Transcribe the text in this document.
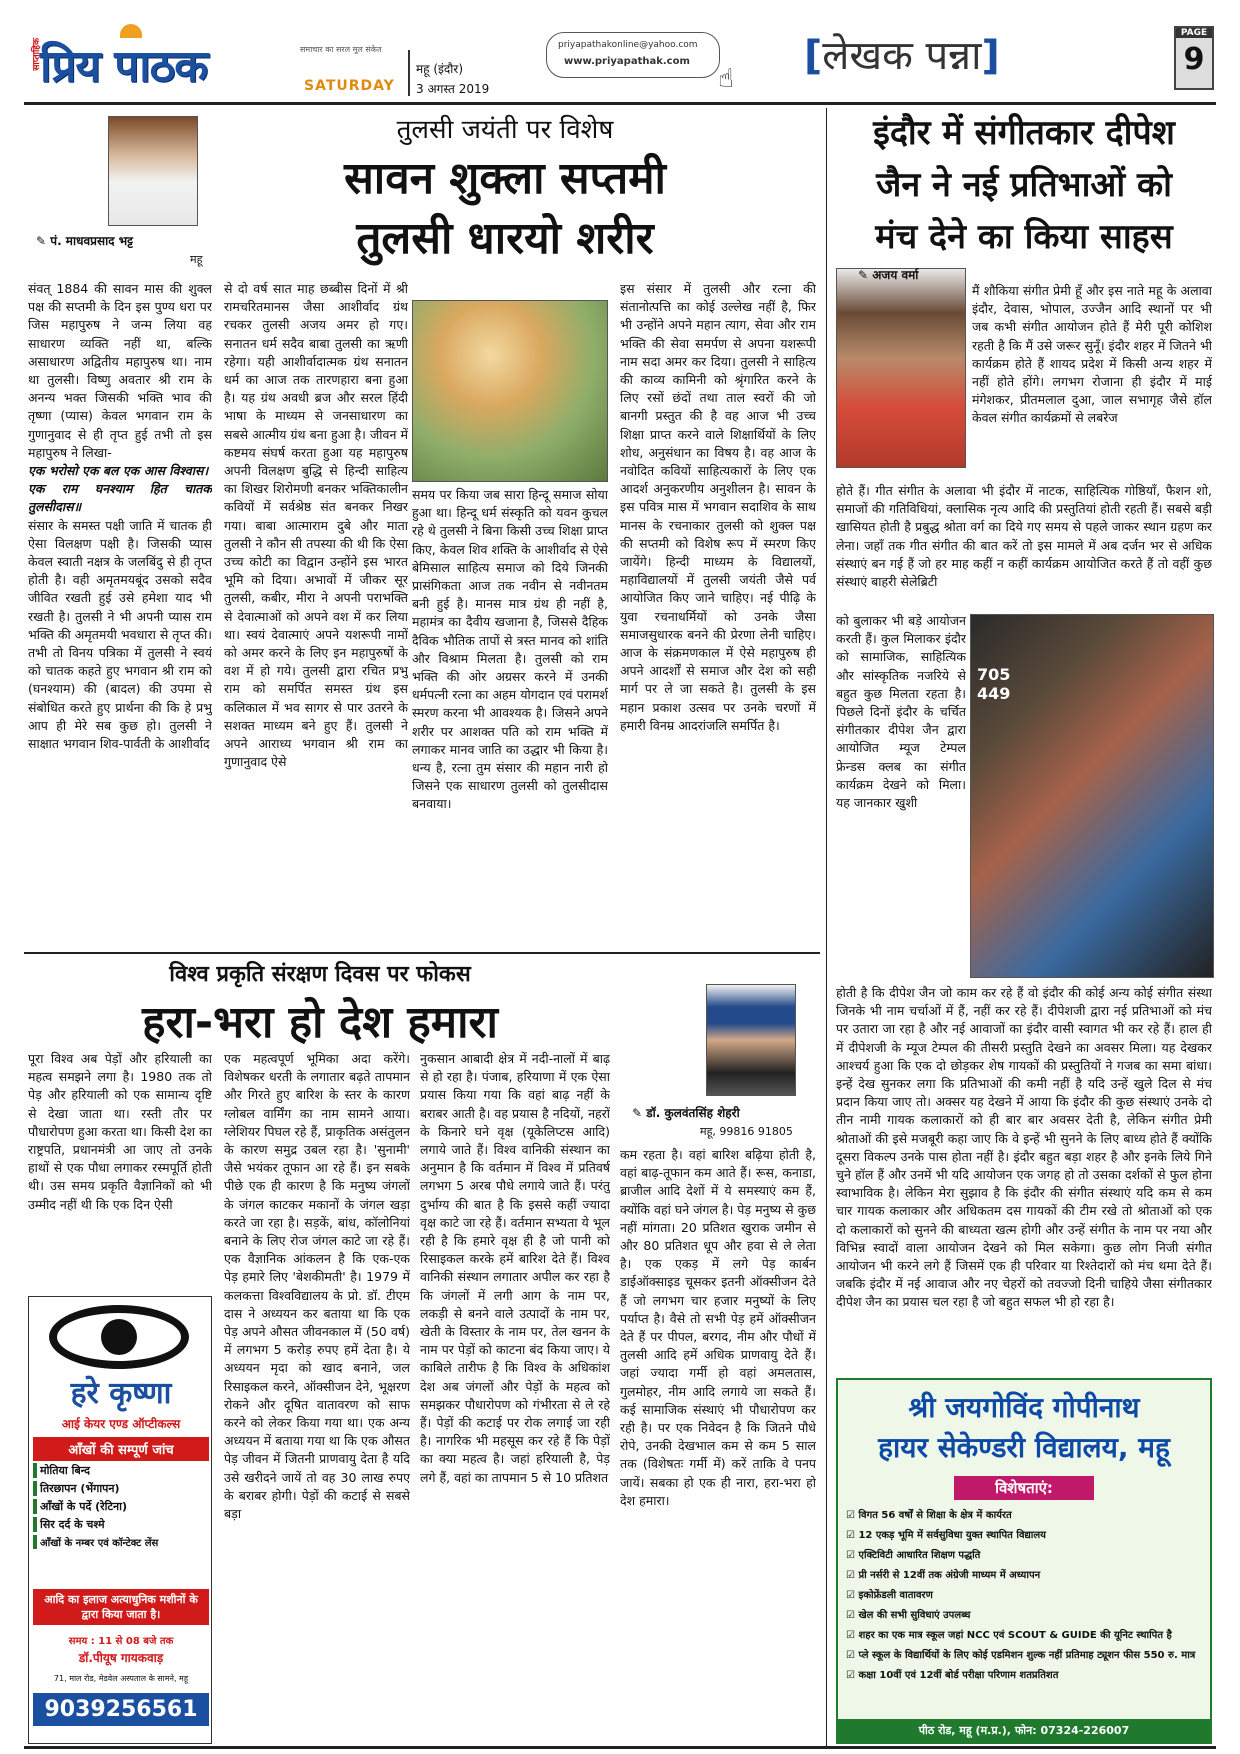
साप्ताहिक
प्रिय पाठक	समाचार का सरल मूल संकेत
SATURDAY
महू (इंदौर)
3 अगस्त 2019
priyapathakonline@yahoo.com
www.priyapathak.com
☝ [लेखक पन्ना]	PAGE
9
✎ पं. माधवप्रसाद भट्ट
महू
तुलसी जयंती पर विशेष
सावन शुक्ला सप्तमी
तुलसी धारयो शरीर

संवत् 1884 की सावन मास की शुक्ल पक्ष की सप्तमी के दिन इस पुण्य धरा पर जिस महापुरुष ने जन्म लिया वह साधारण व्यक्ति नहीं था, बल्कि असाधारण अद्वितीय महापुरुष था। नाम था तुलसी। विष्णु अवतार श्री राम के अनन्य भक्त जिसकी भक्ति भाव की तृष्णा (प्यास) केवल भगवान राम के गुणानुवाद से ही तृप्त हुई तभी तो इस महापुरुष ने लिखा-

एक भरोसो एक बल एक आस विश्वास।

एक राम घनश्याम हित चातक तुलसीदास॥

संसार के समस्त पक्षी जाति में चातक ही ऐसा विलक्षण पक्षी है। जिसकी प्यास केवल स्वाती नक्षत्र के जलबिंदु से ही तृप्त होती है। वही अमृतमयबूंद उसको सदैव जीवित रखती हुई उसे हमेशा याद भी रखती है। तुलसी ने भी अपनी प्यास राम भक्ति की अमृतमयी भवधारा से तृप्त की। तभी तो विनय पत्रिका में तुलसी ने स्वयं को चातक कहते हुए भगवान श्री राम को (घनश्याम) की (बादल) की उपमा से संबोधित करते हुए प्रार्थना की कि हे प्रभु आप ही मेरे सब कुछ हो। तुलसी ने साक्षात भगवान शिव-पार्वती के आशीर्वाद

से दो वर्ष सात माह छब्बीस दिनों में श्री रामचरितमानस जैसा आशीर्वाद ग्रंथ रचकर तुलसी अजय अमर हो गए। सनातन धर्म सदैव बाबा तुलसी का ऋणी रहेगा। यही आशीर्वादात्मक ग्रंथ सनातन धर्म का आज तक तारणहारा बना हुआ है। यह ग्रंथ अवधी ब्रज और सरल हिंदी भाषा के माध्यम से जनसाधारण का सबसे आत्मीय ग्रंथ बना हुआ है। जीवन में कष्टमय संघर्ष करता हुआ यह महापुरुष अपनी विलक्षण बुद्धि से हिन्दी साहित्य का शिखर शिरोमणी बनकर भक्तिकालीन कवियों में सर्वश्रेष्ठ संत बनकर निखर गया। बाबा आत्माराम दुबे और माता तुलसी ने कौन सी तपस्या की थी कि ऐसा उच्च कोटी का विद्वान उन्होंने इस भारत भूमि को दिया। अभावों में जीकर सूर तुलसी, कबीर, मीरा ने अपनी पराभक्ति से देवात्माओं को अपने वश में कर लिया था। स्वयं देवात्माएं अपने यशरूपी नामों को अमर करने के लिए इन महापुरुषों के वश में हो गये। तुलसी द्वारा रचित प्रभु राम को समर्पित समस्त ग्रंथ इस कलिकाल में भव सागर से पार उतरने के सशक्त माध्यम बने हुए हैं। तुलसी ने अपने आराध्य भगवान श्री राम का गुणानुवाद ऐसे
समय पर किया जब सारा हिन्दू समाज सोया हुआ था। हिन्दू धर्म संस्कृति को यवन कुचल रहे थे तुलसी ने बिना किसी उच्च शिक्षा प्राप्त किए, केवल शिव शक्ति के आशीर्वाद से ऐसे बेमिसाल साहित्य समाज को दिये जिनकी प्रासंगिकता आज तक नवीन से नवीनतम बनी हुई है। मानस मात्र ग्रंथ ही नहीं है, महामंत्र का दैवीय खजाना है, जिससे दैहिक दैविक भौतिक तापों से त्रस्त मानव को शांति और विश्राम मिलता है। तुलसी को राम भक्ति की ओर अग्रसर करने में उनकी धर्मपत्नी रत्ना का अहम योगदान एवं परामर्श स्मरण करना भी आवश्यक है। जिसने अपने शरीर पर आशक्त पति को राम भक्ति में लगाकर मानव जाति का उद्धार भी किया है। धन्य है, रत्ना तुम संसार की महान नारी हो जिसने एक साधारण तुलसी को तुलसीदास बनवाया।
इस संसार में तुलसी और रत्ना की संतानोत्पत्ति का कोई उल्लेख नहीं है, फिर भी उन्होंने अपने महान त्याग, सेवा और राम भक्ति की सेवा समर्पण से अपना यशरूपी नाम सदा अमर कर दिया। तुलसी ने साहित्य की काव्य कामिनी को श्रृंगारित करने के लिए रसों छंदों तथा ताल स्वरों की जो बानगी प्रस्तुत की है वह आज भी उच्च शिक्षा प्राप्त करने वाले शिक्षार्थियों के लिए शोध, अनुसंधान का विषय है। वह आज के नवोदित कवियों साहित्यकारों के लिए एक आदर्श अनुकरणीय अनुशीलन है। सावन के इस पवित्र मास में भगवान सदाशिव के साथ मानस के रचनाकार तुलसी को शुक्ल पक्ष की सप्तमी को विशेष रूप में स्मरण किए जायेंगे। हिन्दी माध्यम के विद्यालयों, महाविद्यालयों में तुलसी जयंती जैसे पर्व आयोजित किए जाने चाहिए। नई पीढ़ि के युवा रचनाधर्मियों को उनके जैसा समाजसुधारक बनने की प्रेरणा लेनी चाहिए। आज के संक्रमणकाल में ऐसे महापुरुष ही अपने आदर्शों से समाज और देश को सही मार्ग पर ले जा सकते है। तुलसी के इस महान प्रकाश उत्सव पर उनके चरणों में हमारी विनम्र आदरांजलि समर्पित है।
इंदौर में संगीतकार दीपेश
जैन ने नई प्रतिभाओं को
मंच देने का किया साहस
✎ अजय वर्मा
मैं शौकिया संगीत प्रेमी हूँ और इस नाते महू के अलावा इंदौर, देवास, भोपाल, उज्जैन आदि स्थानों पर भी जब कभी संगीत आयोजन होते हैं मेरी पूरी कोशिश रहती है कि मैं उसे जरूर सुनूँ। इंदौर शहर में जितने भी कार्यक्रम होते हैं शायद प्रदेश में किसी अन्य शहर में नहीं होते होंगे। लगभग रोजाना ही इंदौर में माई मंगेशकर, प्रीतमलाल दुआ, जाल सभागृह जैसे हॉल केवल संगीत कार्यक्रमों से लबरेज
होते हैं। गीत संगीत के अलावा भी इंदौर में नाटक, साहित्यिक गोष्ठियाँ, फैशन शो, समाजों की गतिविधियां, क्लासिक नृत्य आदि की प्रस्तुतियां होती रहती हैं। सबसे बड़ी खासियत होती है प्रबुद्ध श्रोता वर्ग का दिये गए समय से पहले जाकर स्थान ग्रहण कर लेना। जहाँ तक गीत संगीत की बात करें तो इस मामले में अब दर्जन भर से अधिक संस्थाएं बन गई हैं जो हर माह कहीं न कहीं कार्यक्रम आयोजित करते हैं तो वहीं कुछ संस्थाएं बाहरी सेलेब्रिटी
को बुलाकर भी बड़े आयोजन करती हैं। कुल मिलाकर इंदौर को सामाजिक, साहित्यिक और सांस्कृतिक नजरिये से बहुत कुछ मिलता रहता है। पिछले दिनों इंदौर के चर्चित संगीतकार दीपेश जैन द्वारा आयोजित म्यूज टेम्पल फ्रेन्डस क्लब का संगीत कार्यक्रम देखने को मिला। यह जानकार खुशी
705 449
होती है कि दीपेश जैन जो काम कर रहे हैं वो इंदौर की कोई अन्य कोई संगीत संस्था जिनके भी नाम चर्चाओं में हैं, नहीं कर रहे हैं। दीपेशजी द्वारा नई प्रतिभाओं को मंच पर उतारा जा रहा है और नई आवाजों का इंदौर वासी स्वागत भी कर रहे हैं। हाल ही में दीपेशजी के म्यूज टेम्पल की तीसरी प्रस्तुति देखने का अवसर मिला। यह देखकर आश्चर्य हुआ कि एक दो छोड़कर शेष गायकों की प्रस्तुतियों ने गजब का समा बांधा। इन्हें देख सुनकर लगा कि प्रतिभाओं की कमी नहीं है यदि उन्हें खुले दिल से मंच प्रदान किया जाए तो। अक्सर यह देखने में आया कि इंदौर की कुछ संस्थाएं उनके दो तीन नामी गायक कलाकारों को ही बार बार अवसर देती है, लेकिन संगीत प्रेमी श्रोताओं की इसे मजबूरी कहा जाए कि वे इन्हें भी सुनने के लिए बाध्य होते हैं क्योंकि दूसरा विकल्प उनके पास होता नहीं है। इंदौर बहुत बड़ा शहर है और इनके लिये गिने चुने हॉल हैं और उनमें भी यदि आयोजन एक जगह हो तो उसका दर्शकों से फुल होना स्वाभाविक है। लेकिन मेरा सुझाव है कि इंदौर की संगीत संस्थाएं यदि कम से कम चार गायक कलाकार और अधिकतम दस गायकों की टीम रखे तो श्रोताओं को एक दो कलाकारों को सुनने की बाध्यता खत्म होगी और उन्हें संगीत के नाम पर नया और विभिन्न स्वादों वाला आयोजन देखने को मिल सकेगा। कुछ लोग निजी संगीत आयोजन भी करने लगे हैं जिसमें एक ही परिवार या रिश्तेदारों को मंच थमा देते हैं। जबकि इंदौर में नई आवाज और नए चेहरों को तवज्जो दिनी चाहिये जैसा संगीतकार दीपेश जैन का प्रयास चल रहा है जो बहुत सफल भी हो रहा है।
विश्व प्रकृति संरक्षण दिवस पर फोकस
हरा-भरा हो देश हमारा
✎ डॉ. कुलवंतसिंह शेहरी
महू, 99816 91805
पूरा विश्व अब पेड़ों और हरियाली का महत्व समझने लगा है। 1980 तक तो पेड़ और हरियाली को एक सामान्य दृष्टि से देखा जाता था। रस्ती तौर पर पौधारोपण हुआ करता था। किसी देश का राष्ट्रपति, प्रधानमंत्री आ जाए तो उनके हाथों से एक पौधा लगाकर रस्मपूर्ति होती थी। उस समय प्रकृति वैज्ञानिकों को भी उम्मीद नहीं थी कि एक दिन ऐसी
एक महत्वपूर्ण भूमिका अदा करेंगे। विशेषकर धरती के लगातार बढ़ते तापमान और गिरते हुए बारिश के स्तर के कारण ग्लोबल वार्मिंग का नाम सामने आया। ग्लेशियर पिघल रहे हैं, प्राकृतिक असंतुलन के कारण समुद्र उबल रहा है। 'सुनामी' जैसे भयंकर तूफान आ रहे हैं। इन सबके पीछे एक ही कारण है कि मनुष्य जंगलों के जंगल काटकर मकानों के जंगल खड़ा करते जा रहा है। सड़कें, बांध, कॉलोनियां बनाने के लिए रोज जंगल काटे जा रहे हैं। एक वैज्ञानिक आंकलन है कि एक-एक पेड़ हमारे लिए 'बेशकीमती' है। 1979 में कलकत्ता विश्वविद्यालय के प्रो. डॉ. टीएम दास ने अध्ययन कर बताया था कि एक पेड़ अपने औसत जीवनकाल में (50 वर्ष) में लगभग 5 करोड़ रुपए हमें देता है। ये अध्ययन मृदा को खाद बनाने, जल रिसाइकल करने, ऑक्सीजन देने, भूक्षरण रोकने और दूषित वातावरण को साफ करने को लेकर किया गया था। एक अन्य अध्ययन में बताया गया था कि एक औसत पेड़ जीवन में जितनी प्राणवायु देता है यदि उसे खरीदने जायें तो वह 30 लाख रुपए के बराबर होगी। पेड़ों की कटाई से सबसे बड़ा
नुकसान आबादी क्षेत्र में नदी-नालों में बाढ़ से हो रहा है। पंजाब, हरियाणा में एक ऐसा प्रयास किया गया कि वहां बाढ़ नहीं के बराबर आती है। वह प्रयास है नदियों, नहरों के किनारे घने वृक्ष (यूकेलिप्टस आदि) लगाये जाते हैं। विश्व वानिकी संस्थान का अनुमान है कि वर्तमान में विश्व में प्रतिवर्ष लगभग 5 अरब पौधे लगाये जाते हैं। परंतु दुर्भाग्य की बात है कि इससे कहीं ज्यादा वृक्ष काटे जा रहे हैं। वर्तमान सभ्यता ये भूल रही है कि हमारे वृक्ष ही है जो पानी को रिसाइकल करके हमें बारिश देते हैं। विश्व वानिकी संस्थान लगातार अपील कर रहा है कि जंगलों में लगी आग के नाम पर, लकड़ी से बनने वाले उत्पादों के नाम पर, खेती के विस्तार के नाम पर, तेल खनन के नाम पर पेड़ों को काटना बंद किया जाए। ये काबिले तारीफ है कि विश्व के अधिकांश देश अब जंगलों और पेड़ों के महत्व को समझकर पौधारोपण को गंभीरता से ले रहे हैं। पेड़ों की कटाई पर रोक लगाई जा रही है। नागरिक भी महसूस कर रहे हैं कि पेड़ों का क्या महत्व है। जहां हरियाली है, पेड़ लगे हैं, वहां का तापमान 5 से 10 प्रतिशत
कम रहता है। वहां बारिश बढ़िया होती है, वहां बाढ़-तूफान कम आते हैं। रूस, कनाडा, ब्राजील आदि देशों में ये समस्याएं कम हैं, क्योंकि वहां घने जंगल है। पेड़ मनुष्य से कुछ नहीं मांगता। 20 प्रतिशत खुराक जमीन से और 80 प्रतिशत धूप और हवा से ले लेता है। एक एकड़ में लगे पेड़ कार्बन डाईऑक्साइड चूसकर इतनी ऑक्सीजन देते हैं जो लगभग चार हजार मनुष्यों के लिए पर्याप्त है। वैसे तो सभी पेड़ हमें ऑक्सीजन देते हैं पर पीपल, बरगद, नीम और पौधों में तुलसी आदि हमें अधिक प्राणवायु देते हैं। जहां ज्यादा गर्मी हो वहां अमलतास, गुलमोहर, नीम आदि लगाये जा सकते हैं। कई सामाजिक संस्थाएं भी पौधारोपण कर रही है। पर एक निवेदन है कि जितने पौधे रोपे, उनकी देखभाल कम से कम 5 साल तक (विशेषतः गर्मी में) करें ताकि वे पनप जायें। सबका हो एक ही नारा, हरा-भरा हो देश हमारा।
हरे कृष्णा
आई केयर एण्ड ऑप्टीकल्स
आँखों की सम्पूर्ण जांच
मोतिया बिन्द
तिरछापन (भेंगापन)
आँखों के पर्दे (रेटिना)
सिर दर्द के चश्मे
आँखों के नम्बर एवं कॉन्टेक्ट लेंस
आदि का इलाज अत्याधुनिक मशीनों के द्वारा किया जाता है।
समय : 11 से 08 बजे तक
डॉ.पीयूष गायकवाड़
71, माल रोड, मेडवेल अस्पताल के सामने, महू
9039256561
श्री जयगोविंद गोपीनाथ
हायर सेकेण्डरी विद्यालय, महू
विशेषताएं:
☑ विगत 56 वर्षों से शिक्षा के क्षेत्र में कार्यरत
☑ 12 एकड़ भूमि में सर्वसुविधा युक्त स्थापित विद्यालय
☑ एक्टिविटी आधारित शिक्षण पद्धति
☑ प्री नर्सरी से 12वीं तक अंग्रेजी माध्यम में अध्यापन
☑ इकोफ्रेंडली वातावरण
☑ खेल की सभी सुविधाएं उपलब्ध
☑ शहर का एक मात्र स्कूल जहां NCC एवं SCOUT & GUIDE की यूनिट स्थापित है
☑ प्ले स्कूल के विद्यार्थियों के लिए कोई एडमिशन शुल्क नहीं प्रतिमाह ट्यूशन फीस 550 रु. मात्र
☑ कक्षा 10वीं एवं 12वीं बोर्ड परीक्षा परिणाम शतप्रतिशत
पीठ रोड, महू (म.प्र.), फोन: 07324-226007
